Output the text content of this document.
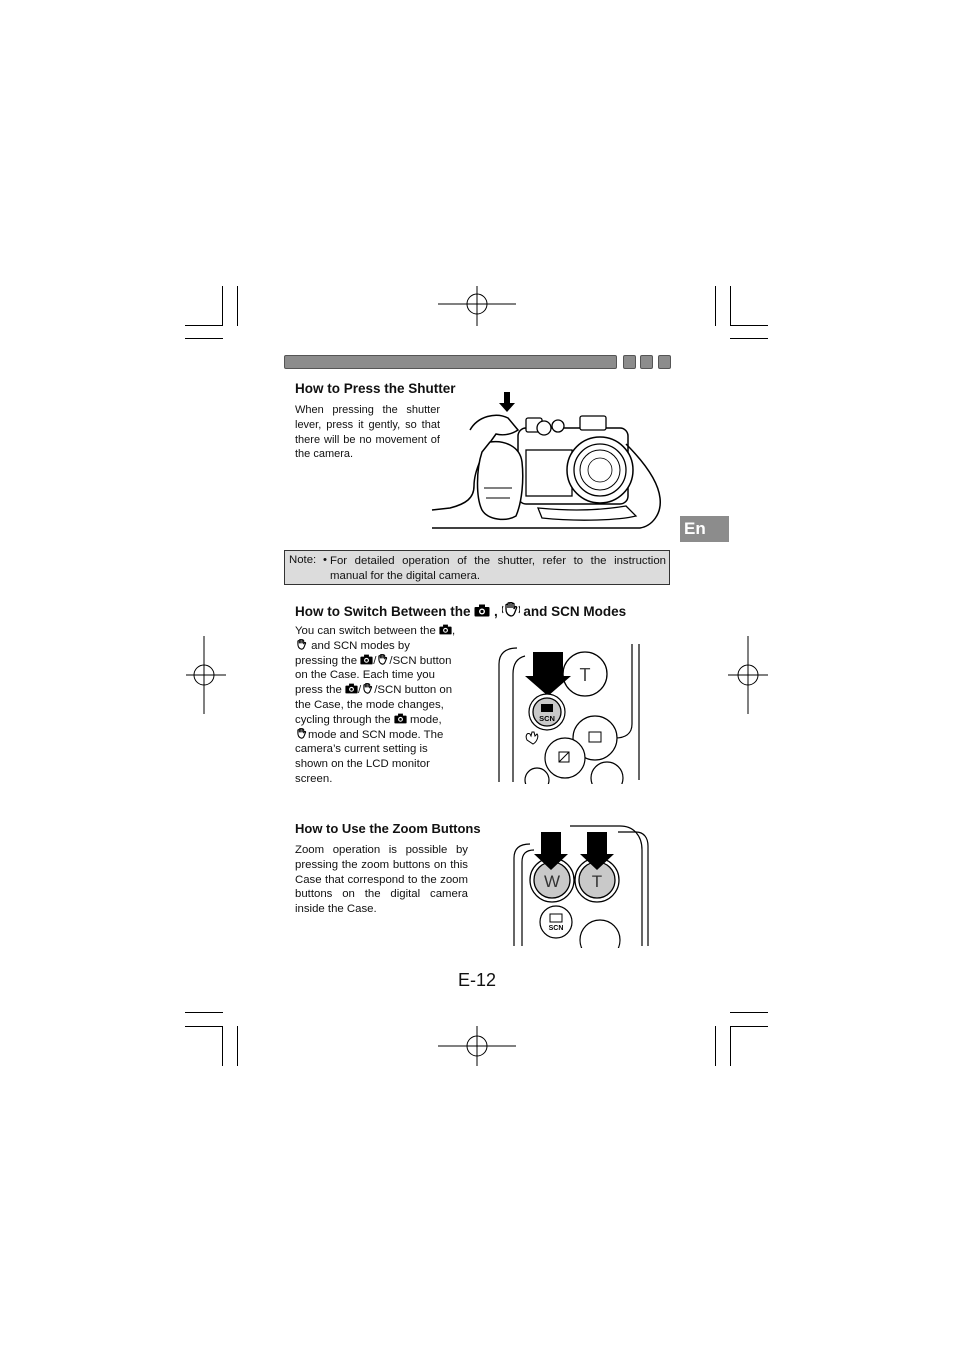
How to Press the Shutter
When pressing the shutter lever, press it gently, so that there will be no movement of the camera.
En
Note: • For detailed operation of the shutter, refer to the instruction manual for the digital camera.
How to Switch Between the , and SCN Modes
You can switch between the ,
and SCN modes by
pressing the / /SCN button
on the Case. Each time you
press the / /SCN button on
the Case, the mode changes,
cycling through the mode,
mode and SCN mode. The
camera’s current setting is
shown on the LCD monitor
screen.
T
SCN
How to Use the Zoom Buttons
Zoom operation is possible by pressing the zoom buttons on this Case that correspond to the zoom buttons on the digital camera inside the Case.
W T
SCN
E-12
